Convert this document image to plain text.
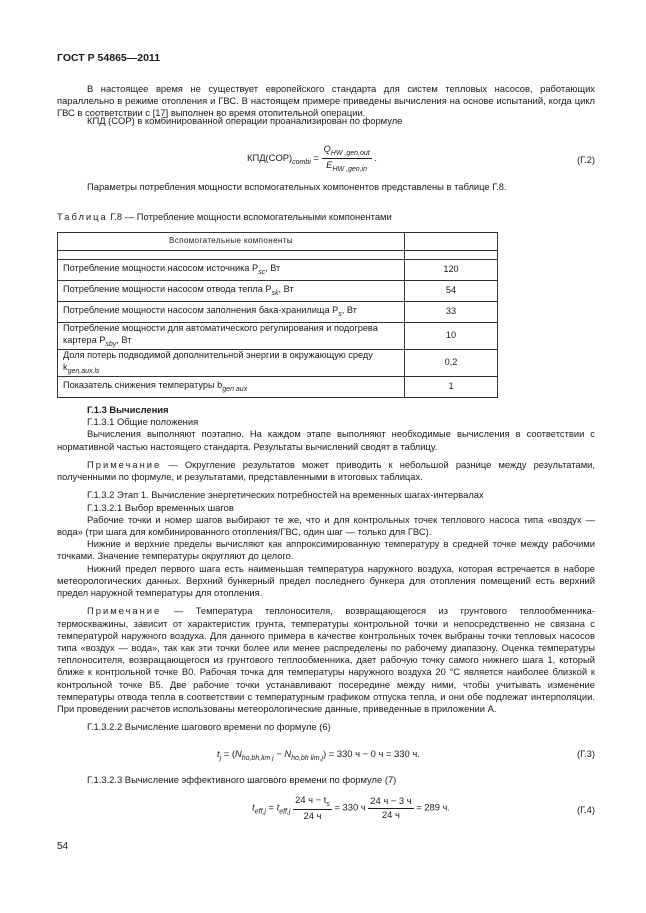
ГОСТ Р 54865—2011

В настоящее время не существует европейского стандарта для систем тепловых насосов, работающих параллельно в режиме отопления и ГВС. В настоящем примере приведены вычисления на основе испытаний, когда цикл ГВС в соответствии с [17] выполнен во время отопительной операции.

КПД (COP) в комбинированной операции проанализирован по формуле

$КПД(COP)_{combi} = \frac{Q_{HW ,gen,out}}{E_{HW ,gen,in}}$ .	(Г.2)

Параметры потребления мощности вспомогательных компонентов представлены в таблице Г.8.

Таблица Г.8 — Потребление мощности вспомогательными компонентами
Вспомогательные компоненты	

Потребление мощности насосом источника $P_{sc}$, Вт	120
Потребление мощности насосом отвода тепла $P_{sk}$, Вт	54
Потребление мощности насосом заполнения бака-хранилища $P_s$, Вт	33
Потребление мощности для автоматического регулирования и подогрева картера $P_{sby}$, Вт	10
Доля потерь подводимой дополнительной энергии в окружающую среду $k_{gen,aux,ls}$	0,2
Показатель снижения температуры $b_{gen aux}$	1

Г.1.3 Вычисления

Г.1.3.1 Общие положения

Вычисления выполняют поэтапно. На каждом этапе выполняют необходимые вычисления в соответствии с нормативной частью настоящего стандарта. Результаты вычислений сводят в таблицу.

Примечание — Округление результатов может приводить к небольшой разнице между результатами, полученными по формуле, и результатами, представленными в итоговых таблицах.

Г.1.3.2 Этап 1. Вычисление энергетических потребностей на временных шагах-интервалах

Г.1.3.2.1 Выбор временных шагов

Рабочие точки и номер шагов выбирают те же, что и для контрольных точек теплового насоса типа «воздух — вода» (три шага для комбинированного отопления/ГВС, один шаг — только для ГВС).

Нижние и верхние пределы вычисляют как аппроксимированную температуру в средней точке между рабочими точками. Значение температуры округляют до целого.

Нижний предел первого шага есть наименьшая температура наружного воздуха, которая встречается в наборе метеорологических данных. Верхний бункерный предел последнего бункера для отопления помещений есть верхний предел наружной температуры для отопления.

Примечание — Температура теплоносителя, возвращающегося из грунтового теплообменника-термоскважины, зависит от характеристик грунта, температуры контрольной точки и непосредственно не связана с температурой наружного воздуха. Для данного примера в качестве контрольных точек выбраны точки тепловых насосов типа «воздух — вода», так как эти точки более или менее распределены по рабочему диапазону. Оценка температуры теплоносителя, возвращающегося из грунтового теплообменника, дает рабочую точку самого нижнего шага 1, который ближе к контрольной точке В0. Рабочая точка для температуры наружного воздуха 20 °С является наиболее близкой к контрольной точке В5. Две рабочие точки устанавливают посередине между ними, чтобы учитывать изменение температуры отвода тепла в соответствии с температурным графиком отпуска тепла, и они обе подлежат интерполяции. При проведении расчетов использованы метеорологические данные, приведенные в приложении А.

Г.1.3.2.2 Вычисление шагового времени по формуле (6)

$t_j = (N_{ho,bh,lim j} - N_{ho,bh lim,j}) = 330$ ч − 0 ч = 330 ч.	(Г.3)

Г.1.3.2.3 Вычисление эффективного шагового времени по формуле (7)

$t_{eff,j} = t_{eff,j} \frac{24 ч - t_s}{24 ч} = 330$ ч $\frac{24 ч - 3 ч}{24 ч} = 289$ ч.	(Г.4)
54
